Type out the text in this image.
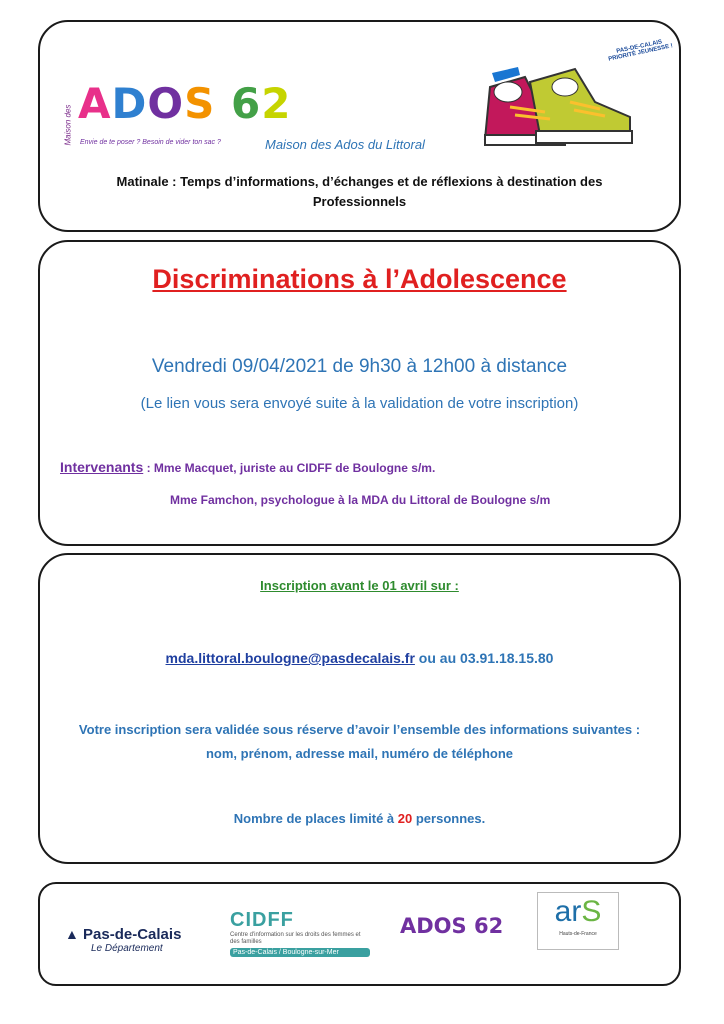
Maison des ADOS 62
Envie de te poser ? Besoin de vider ton sac ?
PAS-DE-CALAIS PRIORITÉ JEUNESSE !
Maison des Ados du Littoral
Matinale : Temps d’informations, d’échanges et de réflexions à destination des
Professionnels
Discriminations à l’Adolescence
Vendredi 09/04/2021 de 9h30 à 12h00 à distance
(Le lien vous sera envoyé suite à la validation de votre inscription)
Intervenants : Mme Macquet, juriste au CIDFF de Boulogne s/m.
Mme Famchon, psychologue à la MDA du Littoral de Boulogne s/m
Inscription avant le 01 avril sur :
mda.littoral.boulogne@pasdecalais.fr ou au 03.91.18.15.80
Votre inscription sera validée sous réserve d’avoir l’ensemble des informations suivantes :
nom, prénom, adresse mail, numéro de téléphone
Nombre de places limité à 20 personnes.
▲ Pas-de-Calais
Le Département
CIDFF
Centre d'information sur les droits des femmes et des familles
Pas-de-Calais / Boulogne-sur-Mer
ADOS 62	arS
Hauts-de-France
